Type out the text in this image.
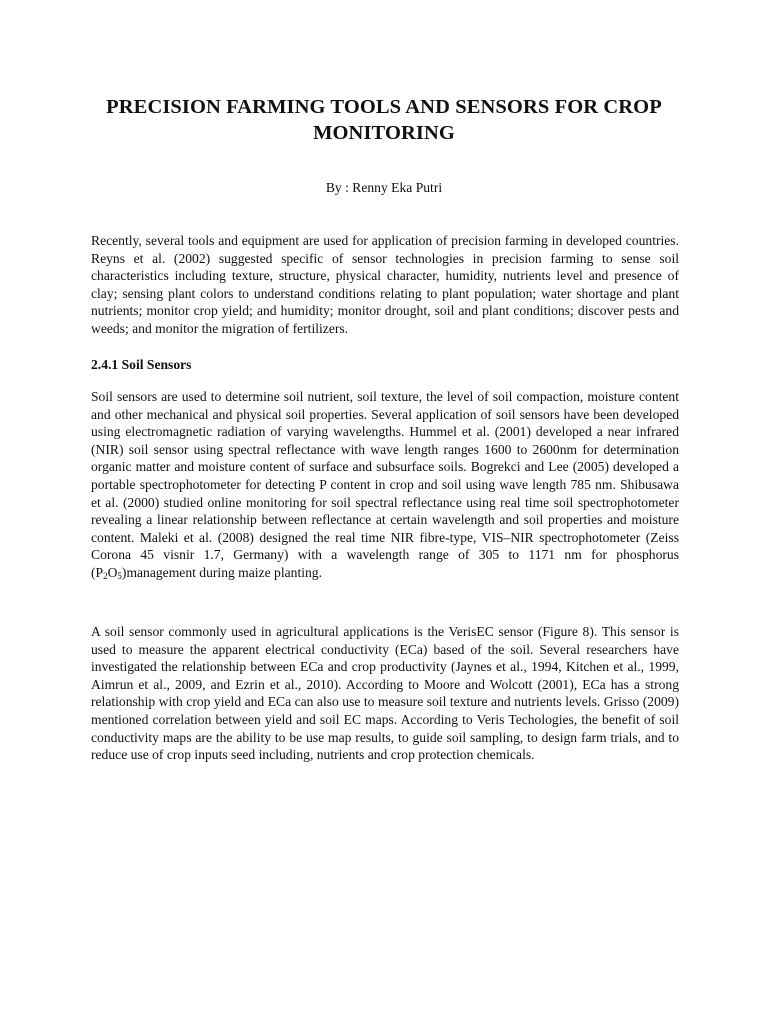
PRECISION FARMING TOOLS AND SENSORS FOR CROP MONITORING

By : Renny Eka Putri

Recently, several tools and equipment are used for application of precision farming in developed countries. Reyns et al. (2002) suggested specific of sensor technologies in precision farming to sense soil characteristics including texture, structure, physical character, humidity, nutrients level and presence of clay; sensing plant colors to understand conditions relating to plant population; water shortage and plant nutrients; monitor crop yield; and humidity; monitor drought, soil and plant conditions; discover pests and weeds; and monitor the migration of fertilizers.

2.4.1 Soil Sensors

Soil sensors are used to determine soil nutrient, soil texture, the level of soil compaction, moisture content and other mechanical and physical soil properties. Several application of soil sensors have been developed using electromagnetic radiation of varying wavelengths. Hummel et al. (2001) developed a near infrared (NIR) soil sensor using spectral reflectance with wave length ranges 1600 to 2600nm for determination organic matter and moisture content of surface and subsurface soils. Bogrekci and Lee (2005) developed a portable spectrophotometer for detecting P content in crop and soil using wave length 785 nm. Shibusawa et al. (2000) studied online monitoring for soil spectral reflectance using real time soil spectrophotometer revealing a linear relationship between reflectance at certain wavelength and soil properties and moisture content. Maleki et al. (2008) designed the real time NIR fibre-type, VIS–NIR spectrophotometer (Zeiss Corona 45 visnir 1.7, Germany) with a wavelength range of 305 to 1171 nm for phosphorus $(P_2O_5)management$ during maize planting.

A soil sensor commonly used in agricultural applications is the VerisEC sensor (Figure 8). This sensor is used to measure the apparent electrical conductivity (ECa) based of the soil. Several researchers have investigated the relationship between ECa and crop productivity (Jaynes et al., 1994, Kitchen et al., 1999, Aimrun et al., 2009, and Ezrin et al., 2010). According to Moore and Wolcott (2001), ECa has a strong relationship with crop yield and ECa can also use to measure soil texture and nutrients levels. Grisso (2009) mentioned correlation between yield and soil EC maps. According to Veris Techologies, the benefit of soil conductivity maps are the ability to be use map results, to guide soil sampling, to design farm trials, and to reduce use of crop inputs seed including, nutrients and crop protection chemicals.
